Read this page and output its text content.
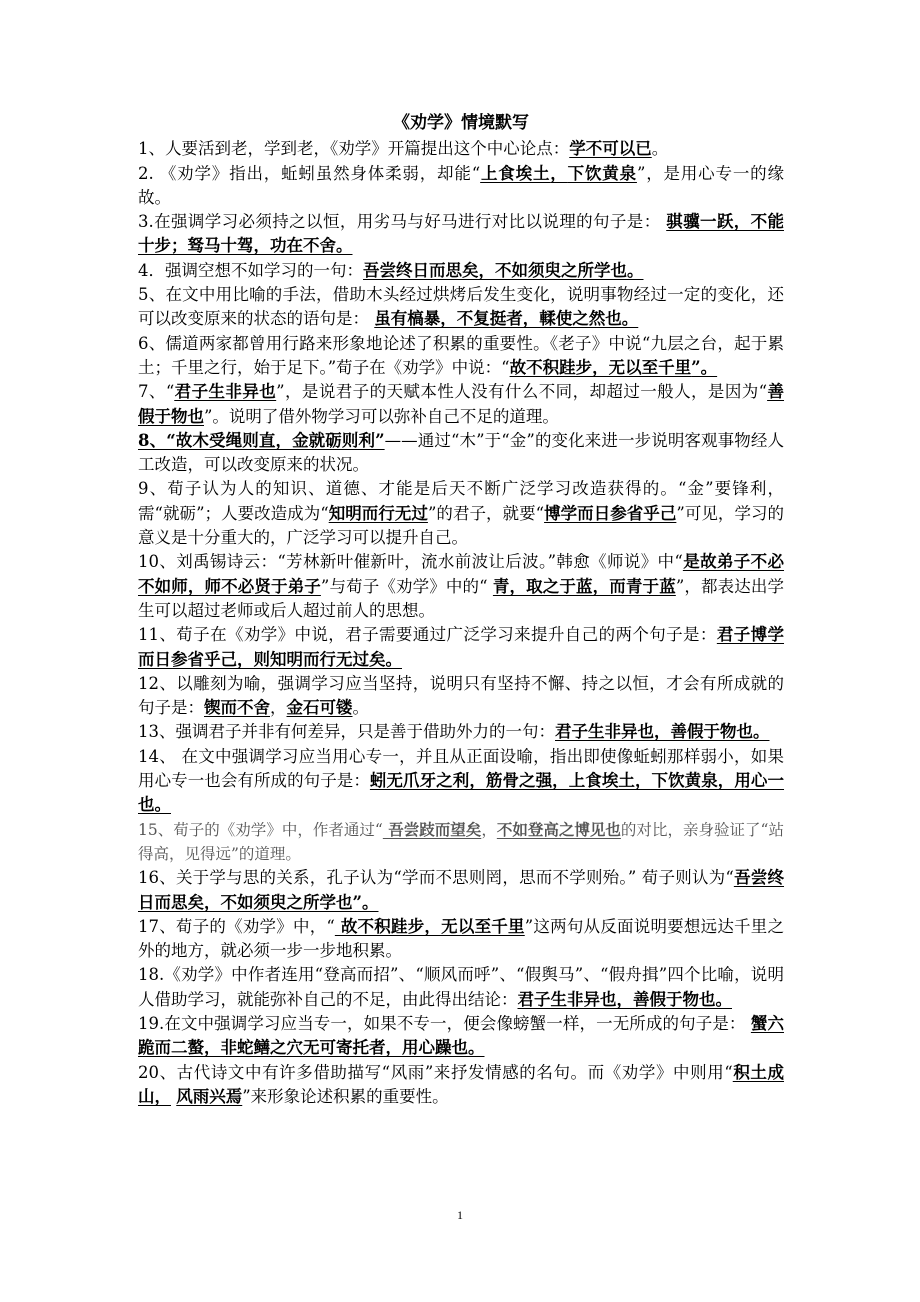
《劝学》情境默写

1、人要活到老，学到老，《劝学》开篇提出这个中心论点：学不可以已。

2. 《劝学》指出，蚯蚓虽然身体柔弱，却能“上食埃土，下饮黄泉”，是用心专一的缘故。

3.在强调学习必须持之以恒，用劣马与好马进行对比以说理的句子是： 骐骥一跃，不能十步；驽马十驾，功在不舍。

4．强调空想不如学习的一句：吾尝终日而思矣，不如须臾之所学也。

5、在文中用比喻的手法，借助木头经过烘烤后发生变化，说明事物经过一定的变化，还可以改变原来的状态的语句是： 虽有槁暴，不复挺者，輮使之然也。

6、儒道两家都曾用行路来形象地论述了积累的重要性。《老子》中说“九层之台，起于累土；千里之行，始于足下。”荀子在《劝学》中说：“故不积跬步，无以至千里”。

7、“君子生非异也”，是说君子的天赋本性人没有什么不同，却超过一般人，是因为“善假于物也”。说明了借外物学习可以弥补自己不足的道理。

8、“故木受绳则直，金就砺则利”——通过“木”于“金”的变化来进一步说明客观事物经人工改造，可以改变原来的状况。

9、荀子认为人的知识、道德、才能是后天不断广泛学习改造获得的。“金”要锋利，需“就砺”；人要改造成为“知明而行无过”的君子，就要“博学而日参省乎己”可见，学习的意义是十分重大的，广泛学习可以提升自己。

10、刘禹锡诗云：“芳林新叶催新叶，流水前波让后波。”韩愈《师说》中“是故弟子不必不如师，师不必贤于弟子”与荀子《劝学》中的“ 青，取之于蓝，而青于蓝”，都表达出学生可以超过老师或后人超过前人的思想。

11、荀子在《劝学》中说，君子需要通过广泛学习来提升自己的两个句子是：君子博学而日参省乎己，则知明而行无过矣。

12、以雕刻为喻，强调学习应当坚持，说明只有坚持不懈、持之以恒，才会有所成就的句子是：锲而不舍，金石可镂。

13、强调君子并非有何差异，只是善于借助外力的一句：君子生非异也，善假于物也。

14、 在文中强调学习应当用心专一，并且从正面设喻，指出即使像蚯蚓那样弱小，如果用心专一也会有所成的句子是：蚓无爪牙之利，筋骨之强，上食埃土，下饮黄泉，用心一也。

15、荀子的《劝学》中，作者通过“ 吾尝跂而望矣，不如登高之博见也的对比，亲身验证了“站得高，见得远”的道理。

16、关于学与思的关系，孔子认为“学而不思则罔，思而不学则殆。” 荀子则认为“吾尝终日而思矣，不如须臾之所学也”。

17、荀子的《劝学》中，“ 故不积跬步，无以至千里”这两句从反面说明要想远达千里之外的地方，就必须一步一步地积累。

18.《劝学》中作者连用“登高而招”、“顺风而呼”、“假舆马”、“假舟揖”四个比喻，说明人借助学习，就能弥补自己的不足，由此得出结论：君子生非异也，善假于物也。

19.在文中强调学习应当专一，如果不专一，便会像螃蟹一样，一无所成的句子是： 蟹六跪而二螯，非蛇鳝之穴无可寄托者，用心躁也。

20、古代诗文中有许多借助描写“风雨”来抒发情感的名句。而《劝学》中则用“积土成山， 风雨兴焉”来形象论述积累的重要性。

1
